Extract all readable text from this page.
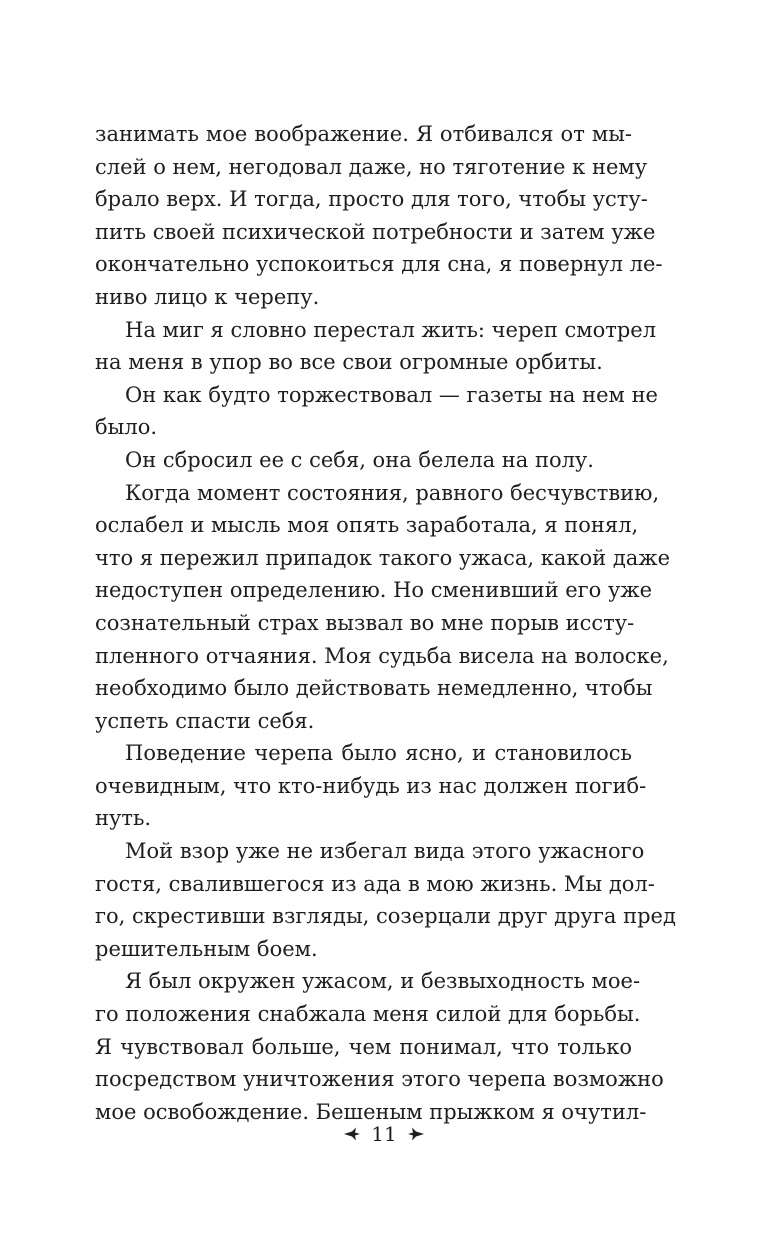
занимать мое воображение. Я отбивался от мы-
слей о нем, негодовал даже, но тяготение к нему
брало верх. И тогда, просто для того, чтобы усту-
пить своей психической потребности и затем уже
окончательно успокоиться для сна, я повернул ле-
ниво лицо к черепу.
На миг я словно перестал жить: череп смотрел
на меня в упор во все свои огромные орбиты.
Он как будто торжествовал — газеты на нем не
было.
Он сбросил ее с себя, она белела на полу.
Когда момент состояния, равного бесчувствию,
ослабел и мысль моя опять заработала, я понял,
что я пережил припадок такого ужаса, какой даже
недоступен определению. Но сменивший его уже
сознательный страх вызвал во мне порыв иссту-
пленного отчаяния. Моя судьба висела на волоске,
необходимо было действовать немедленно, чтобы
успеть спасти себя.
Поведение черепа было ясно, и становилось
очевидным, что кто-нибудь из нас должен погиб-
нуть.
Мой взор уже не избегал вида этого ужасного
гостя, свалившегося из ада в мою жизнь. Мы дол-
го, скрестивши взгляды, созерцали друг друга пред
решительным боем.
Я был окружен ужасом, и безвыходность мое-
го положения снабжала меня силой для борьбы.
Я чувствовал больше, чем понимал, что только
посредством уничтожения этого черепа возможно
мое освобождение. Бешеным прыжком я очутил-
11
